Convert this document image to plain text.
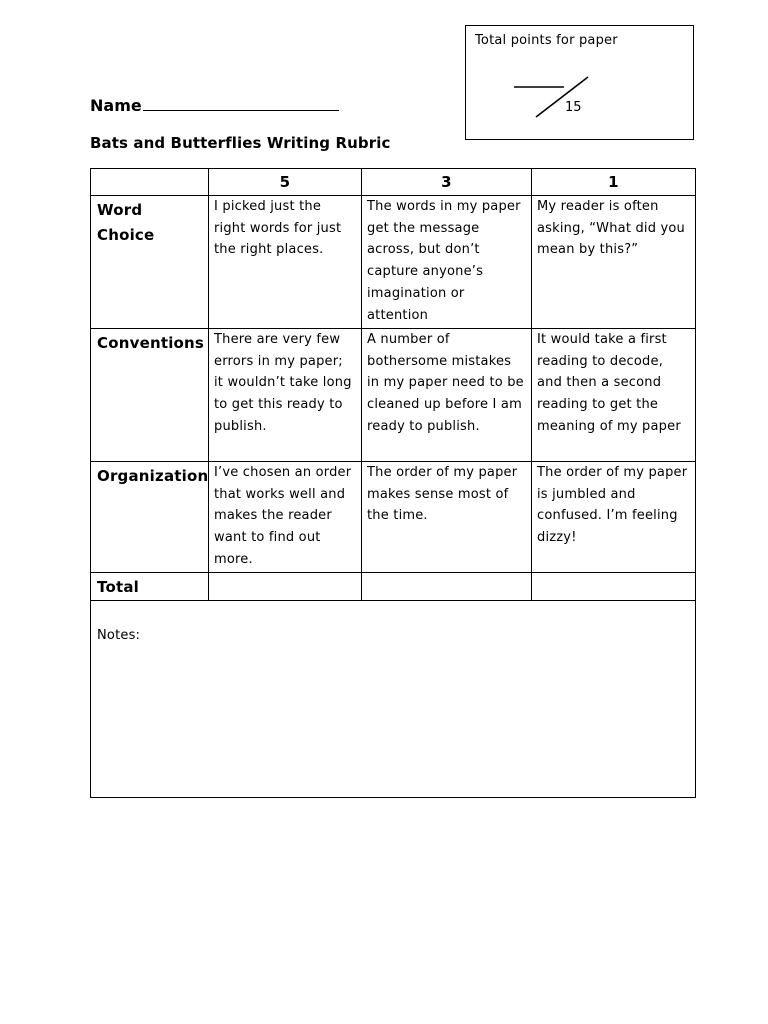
Total points for paper
15
Name
Bats and Butterflies Writing Rubric
	5	3	1
Word Choice	I picked just the right words for just the right places.	The words in my paper get the message across, but don’t capture anyone’s imagination or attention	My reader is often asking, “What did you mean by this?”
Conventions	There are very few errors in my paper; it wouldn’t take long to get this ready to publish.	A number of bothersome mistakes in my paper need to be cleaned up before I am ready to publish.	It would take a first reading to decode, and then a second reading to get the meaning of my paper
Organization	I’ve chosen an order that works well and makes the reader want to find out more.	The order of my paper makes sense most of the time.	The order of my paper is jumbled and confused. I’m feeling dizzy!
Total			
Notes:			
